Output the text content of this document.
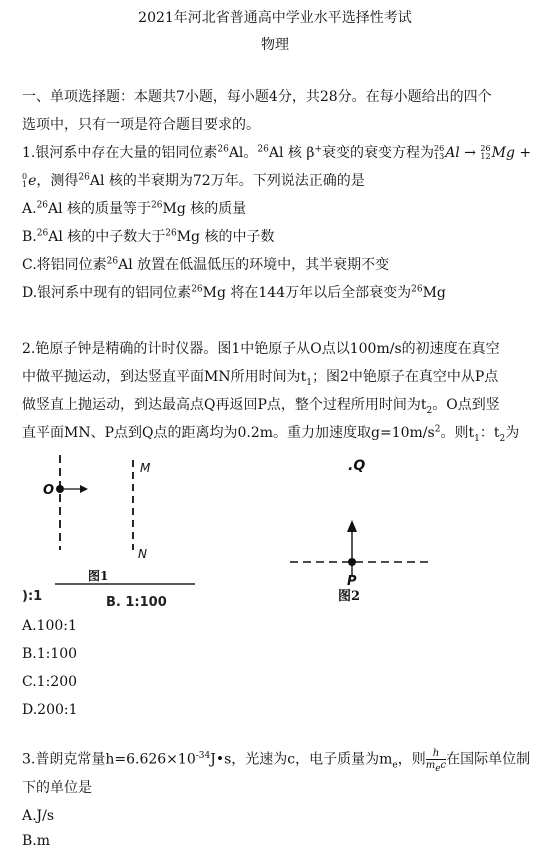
2021年河北省普通高中学业水平选择性考试
物理
一、单项选择题：本题共7小题，每小题4分，共28分。在每小题给出的四个
选项中，只有一项是符合题目要求的。
1.银河系中存在大量的铝同位素$^{26}$Al。$^{26}$Al 核 β+衰变的衰变方程为 26
13 Al → 26
12 Mg +
0
1 e，测得$^{26}$Al 核的半衰期为72万年。下列说法正确的是
A.$^{26}$Al 核的质量等于$^{26}$Mg 核的质量
B.$^{26}$Al 核的中子数大于$^{26}$Mg 核的中子数
C.将铝同位素$^{26}$Al 放置在低温低压的环境中，其半衰期不变
D.银河系中现有的铝同位素$^{26}$Mg 将在144万年以后全部衰变为$^{26}$Mg
2.铯原子钟是精确的计时仪器。图1中铯原子从O点以100m/s的初速度在真空
中做平抛运动，到达竖直平面MN所用时间为$t_1$；图2中铯原子在真空中从P点
做竖直上抛运动，到达最高点Q再返回P点，整个过程所用时间为$t_2$。O点到竖
直平面MN、P点到Q点的距离均为0.2m。重力加速度取$g=10m/s^2$。则$t_1$：$t_2$为
O
M
N
图1
):1	B. 1:100
.Q
P
图2
A.100:1
B.1:100
C.1:200
D.200:1
3.普朗克常量$h=6.626\times 10^{-34}J•s$，光速为c，电子质量为$m_e$，则 $\frac{h}{m_ec}$ 在国际单位制
下的单位是
A.J/s
B.m
